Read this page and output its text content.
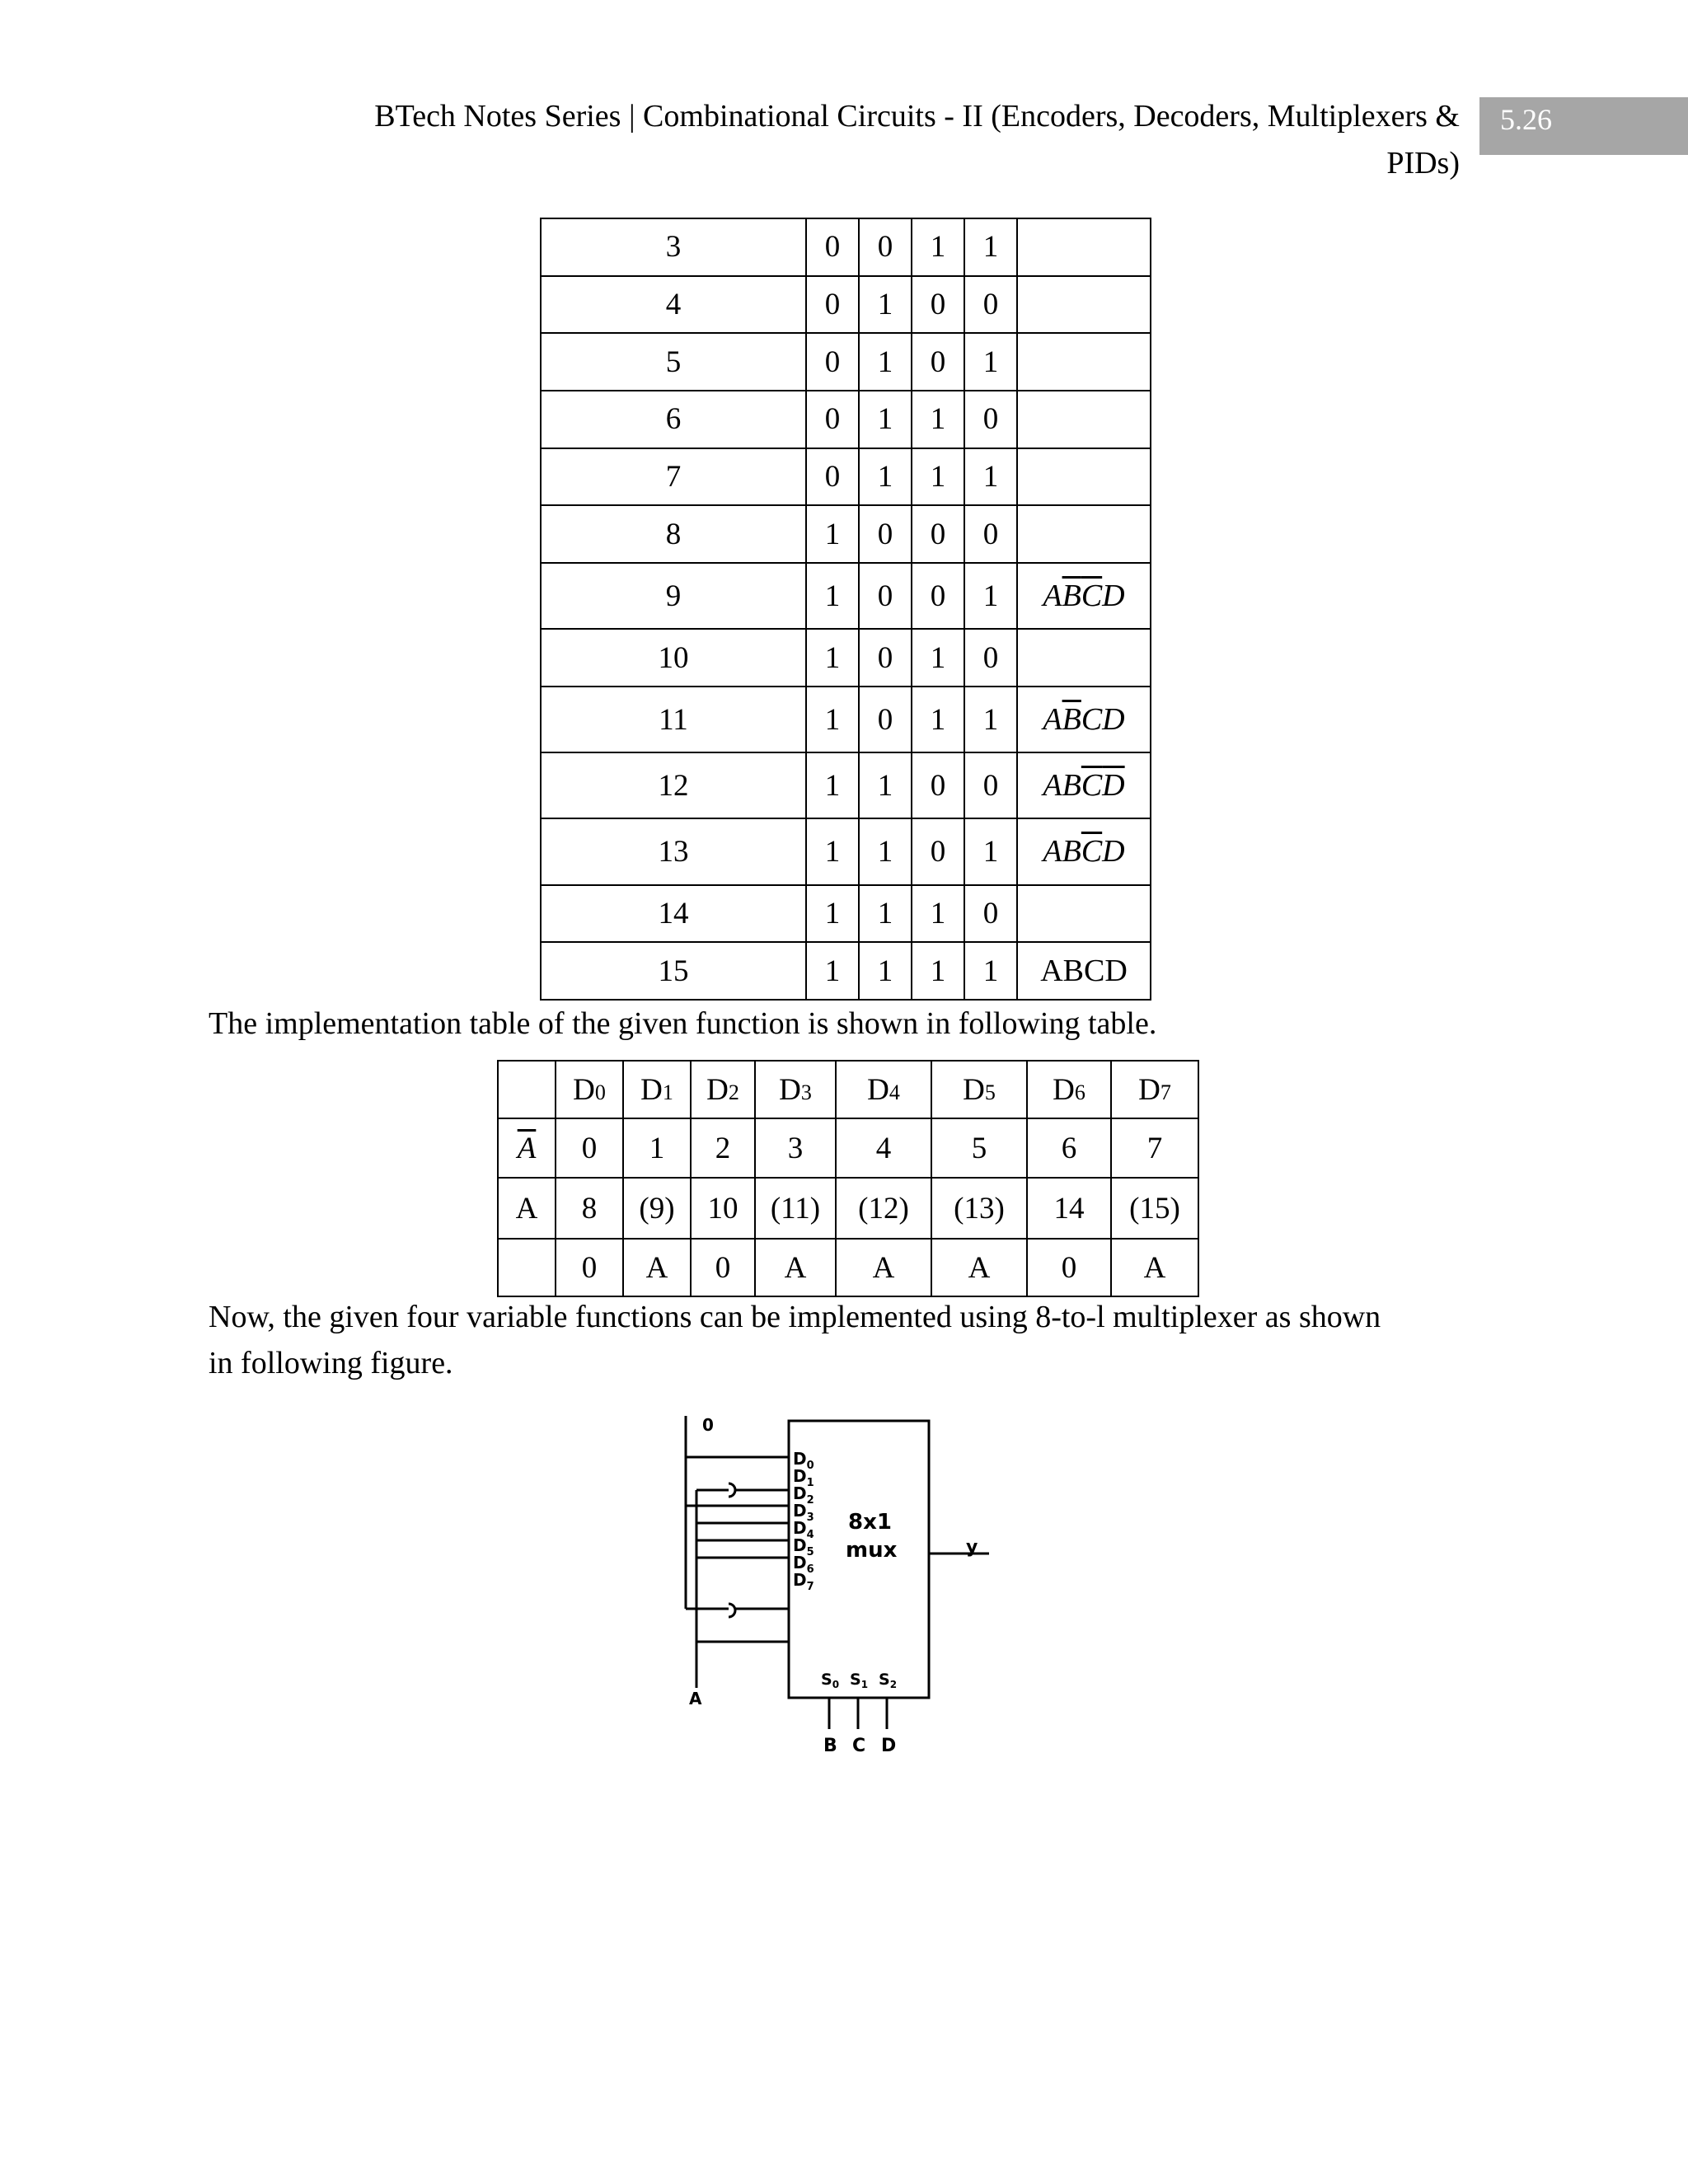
BTech Notes Series | Combinational Circuits - II (Encoders, Decoders, Multiplexers &
PIDs)
5.26
3	0	0	1	1	
4	0	1	0	0	
5	0	1	0	1	
6	0	1	1	0	
7	0	1	1	1	
8	1	0	0	0	
9	1	0	0	1	$A\overline{B}\overline{C}D$
10	1	0	1	0	
11	1	0	1	1	$A\overline{B}CD$
12	1	1	0	0	$AB\overline{C}\overline{D}$
13	1	1	0	1	$AB\overline{C}D$
14	1	1	1	0	
15	1	1	1	1	ABCD
The implementation table of the given function is shown in following table.
	D0	D1	D2	D3	D4	D5	D6	D7
$\overline{A}$	0	1	2	3	4	5	6	7
A	8	(9)	10	(11)	(12)	(13)	14	(15)
	0	A	0	A	A	A	0	A
Now, the given four variable functions can be implemented using 8-to-l multiplexer as shown
in following figure.
0
A
$D_0$
$D_1$
$D_2$
$D_3$
$D_4$
$D_5$
$D_6$
$D_7$
8x1
mux	y
$S_0$ $S_1$ $S_2$
B C D
